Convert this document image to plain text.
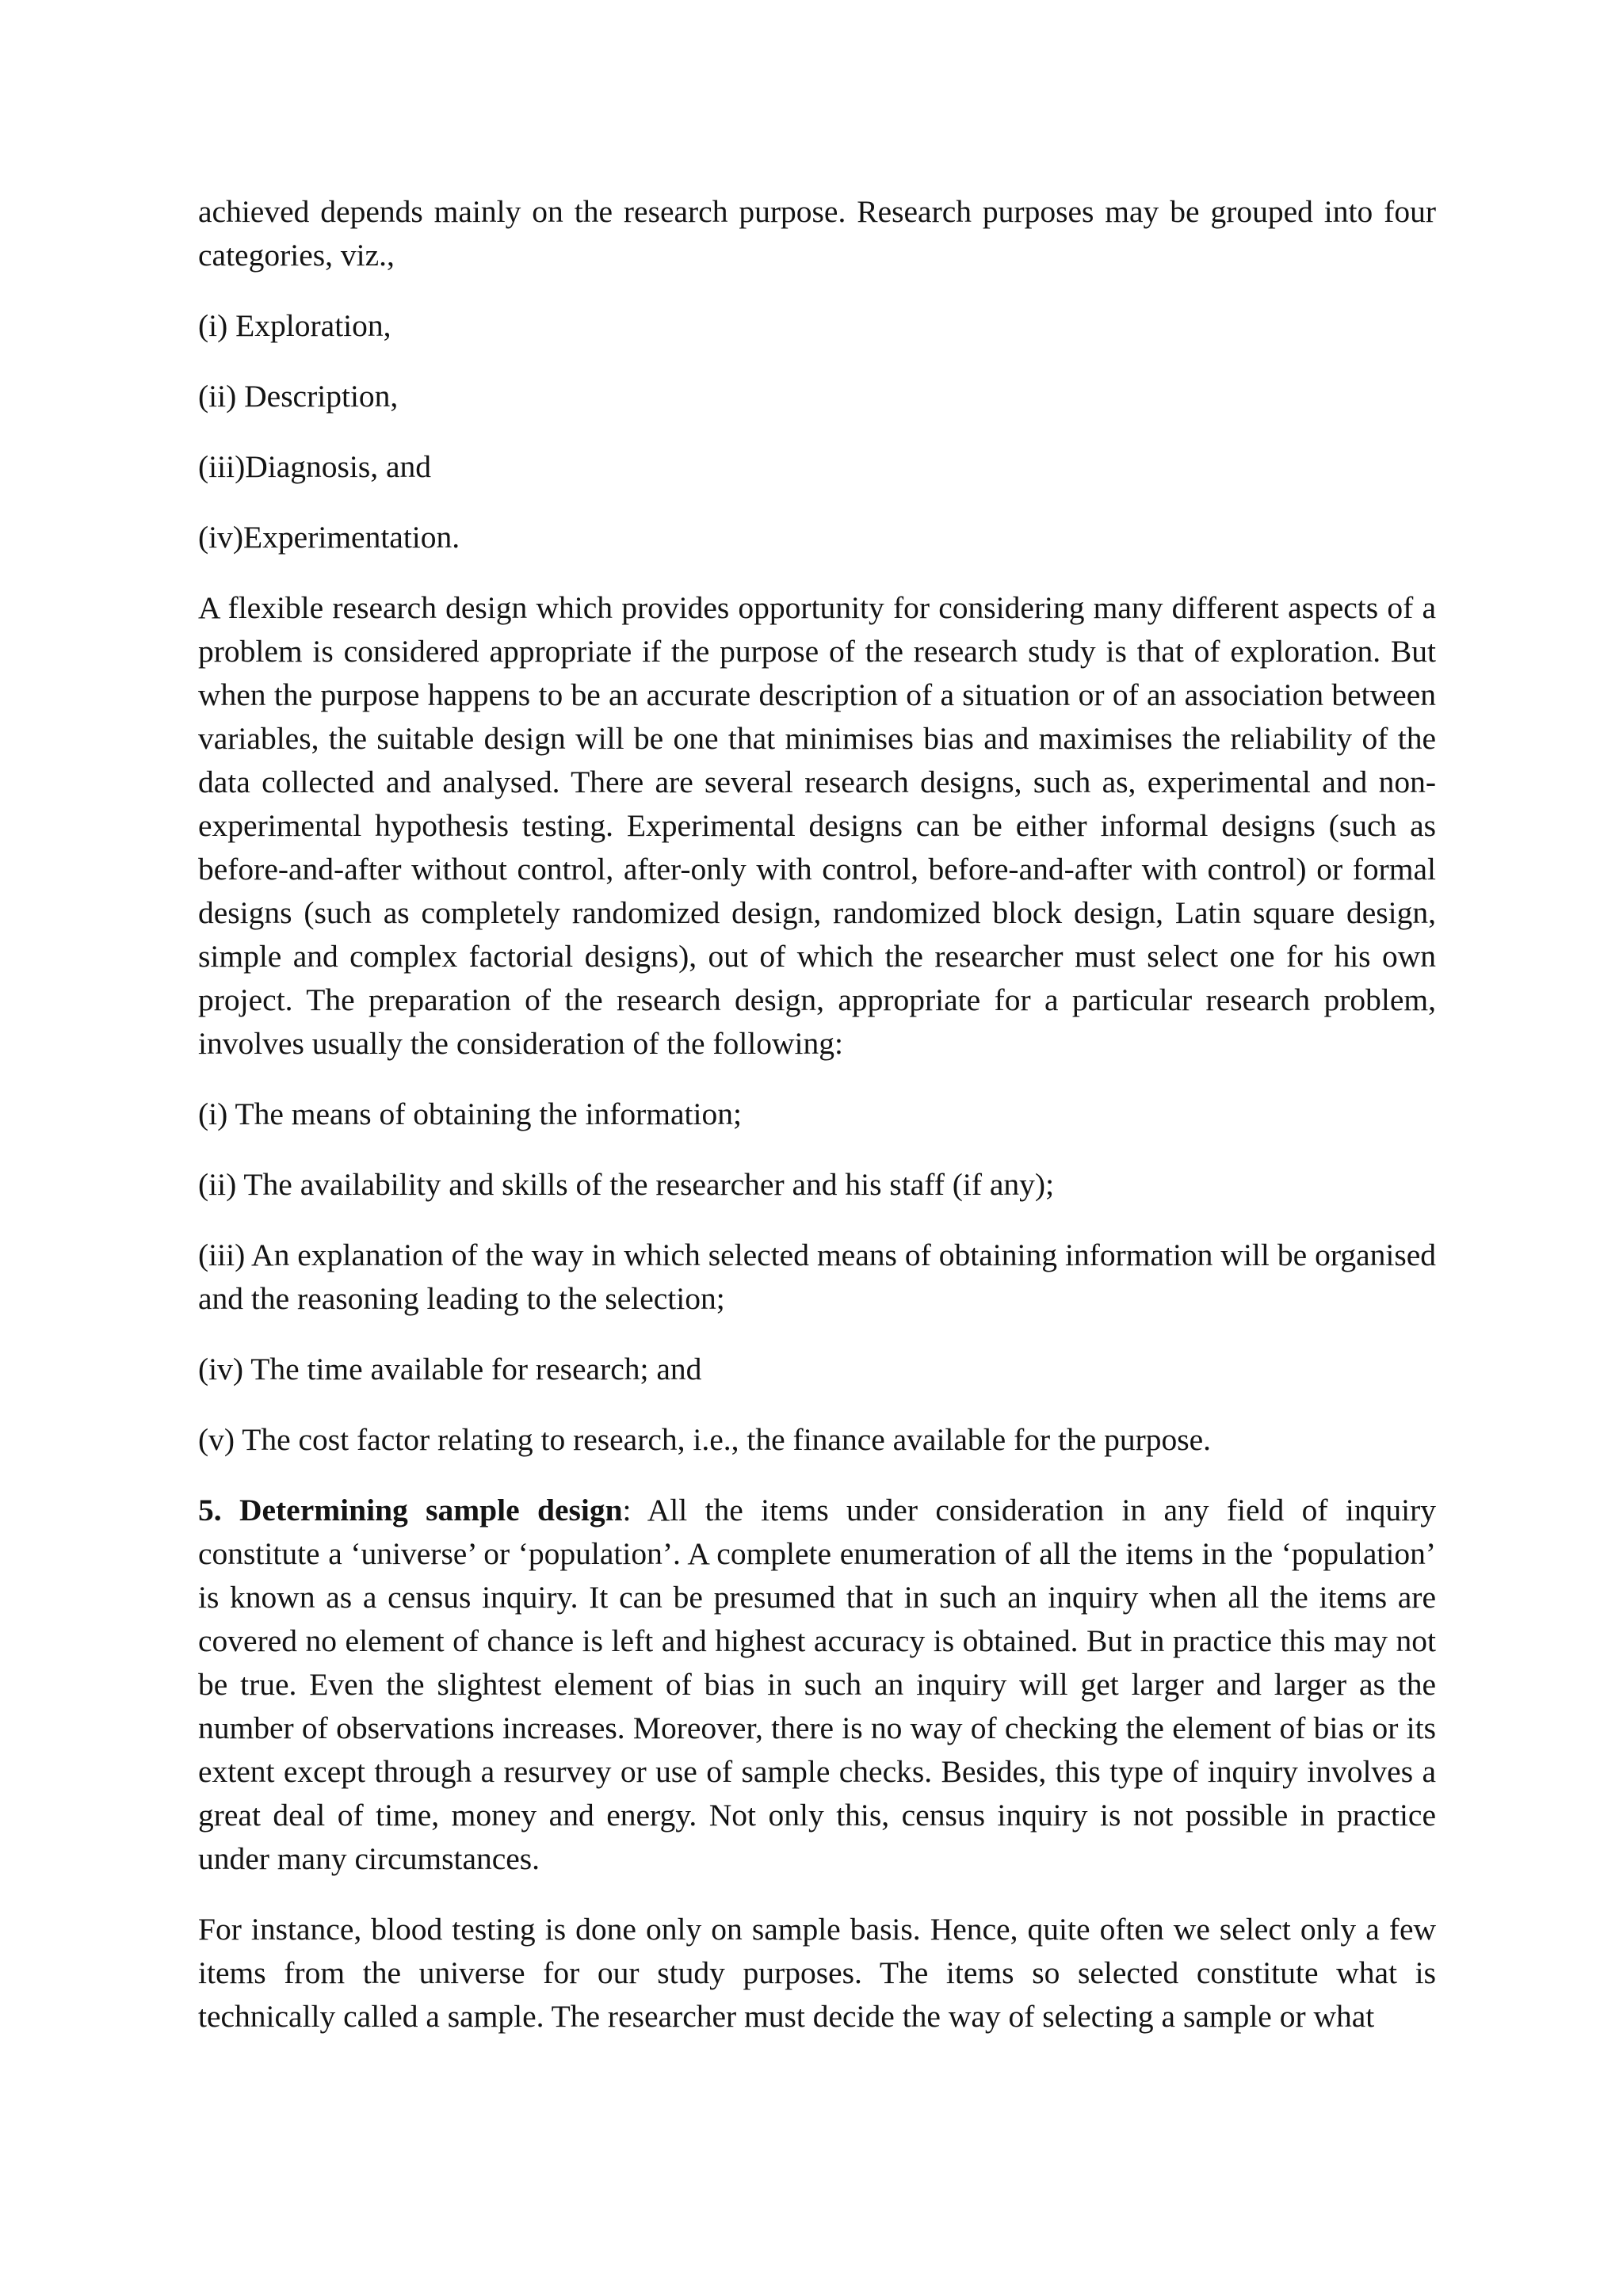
achieved depends mainly on the research purpose. Research purposes may be grouped into four categories, viz.,

(i) Exploration,

(ii) Description,

(iii)Diagnosis, and

(iv)Experimentation.

A flexible research design which provides opportunity for considering many different aspects of a problem is considered appropriate if the purpose of the research study is that of exploration. But when the purpose happens to be an accurate description of a situation or of an association between variables, the suitable design will be one that minimises bias and maximises the reliability of the data collected and analysed. There are several research designs, such as, experimental and non-experimental hypothesis testing. Experimental designs can be either informal designs (such as before-and-after without control, after-only with control, before-and-after with control) or formal designs (such as completely randomized design, randomized block design, Latin square design, simple and complex factorial designs), out of which the researcher must select one for his own project. The preparation of the research design, appropriate for a particular research problem, involves usually the consideration of the following:

(i) The means of obtaining the information;

(ii) The availability and skills of the researcher and his staff (if any);

(iii) An explanation of the way in which selected means of obtaining information will be organised and the reasoning leading to the selection;

(iv) The time available for research; and

(v) The cost factor relating to research, i.e., the finance available for the purpose.

5. Determining sample design: All the items under consideration in any field of inquiry constitute a ‘universe’ or ‘population’. A complete enumeration of all the items in the ‘population’ is known as a census inquiry. It can be presumed that in such an inquiry when all the items are covered no element of chance is left and highest accuracy is obtained. But in practice this may not be true. Even the slightest element of bias in such an inquiry will get larger and larger as the number of observations increases. Moreover, there is no way of checking the element of bias or its extent except through a resurvey or use of sample checks. Besides, this type of inquiry involves a great deal of time, money and energy. Not only this, census inquiry is not possible in practice under many circumstances.

For instance, blood testing is done only on sample basis. Hence, quite often we select only a few items from the universe for our study purposes. The items so selected constitute what is technically called a sample. The researcher must decide the way of selecting a sample or what
